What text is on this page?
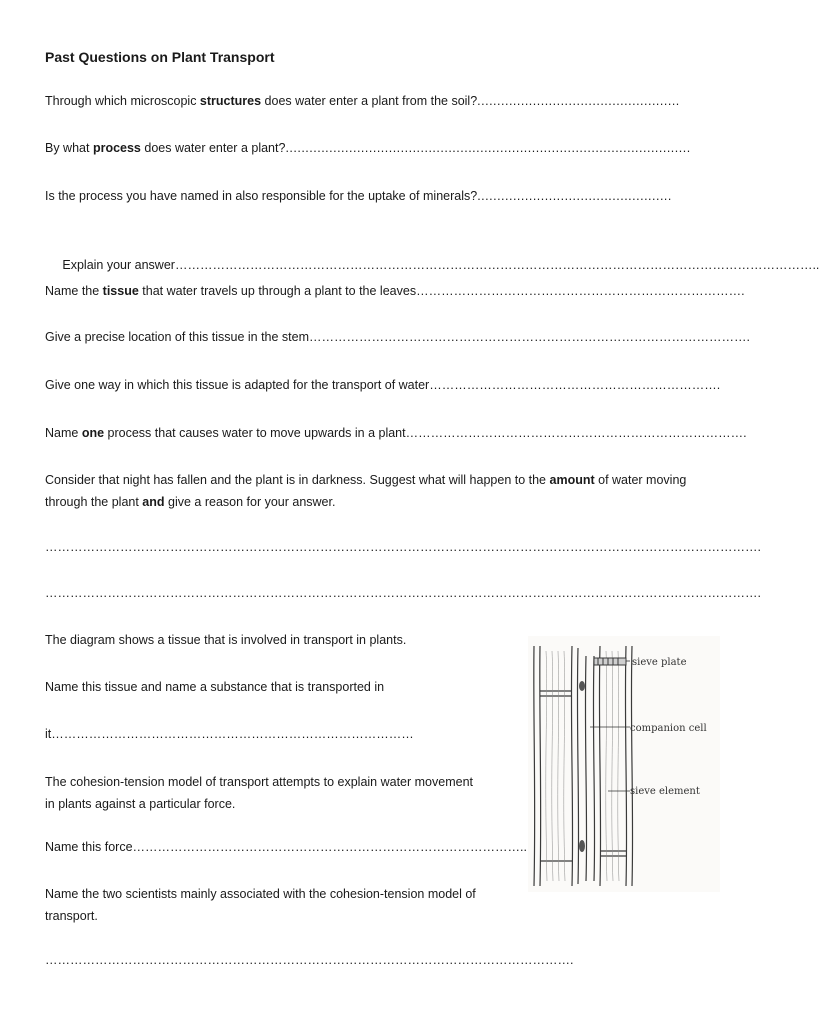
Past Questions on Plant Transport
Through which microscopic structures does water enter a plant from the soil?...................................................
By what process does water enter a plant?......................................................................................................
Is the process you have named in also responsible for the uptake of minerals?.................................................

Explain your answer………………………………………………………………………………………………………………………………………..

Name the tissue that water travels up through a plant to the leaves…………………………………………………………………….
Give a precise location of this tissue in the stem…………………………………………………………………………………………….
Give one way in which this tissue is adapted for the transport of water…………………………………………………………….
Name one process that causes water to move upwards in a plant……………………………………………………………………….
Consider that night has fallen and the plant is in darkness. Suggest what will happen to the amount of water moving through the plant and give a reason for your answer.
……………………………………………………………………………………………………………………………………………………….
……………………………………………………………………………………………………………………………………………………….
The diagram shows a tissue that is involved in transport in plants.
Name this tissue and name a substance that is transported in
it……………………………………………………………………………
The cohesion-tension model of transport attempts to explain water movement in plants against a particular force.
Name this force…………………………………………………………………………………..
Name the two scientists mainly associated with the cohesion-tension model of transport.
……………………………………………………………………………………………………………….
sieve plate
companion cell
sieve element
